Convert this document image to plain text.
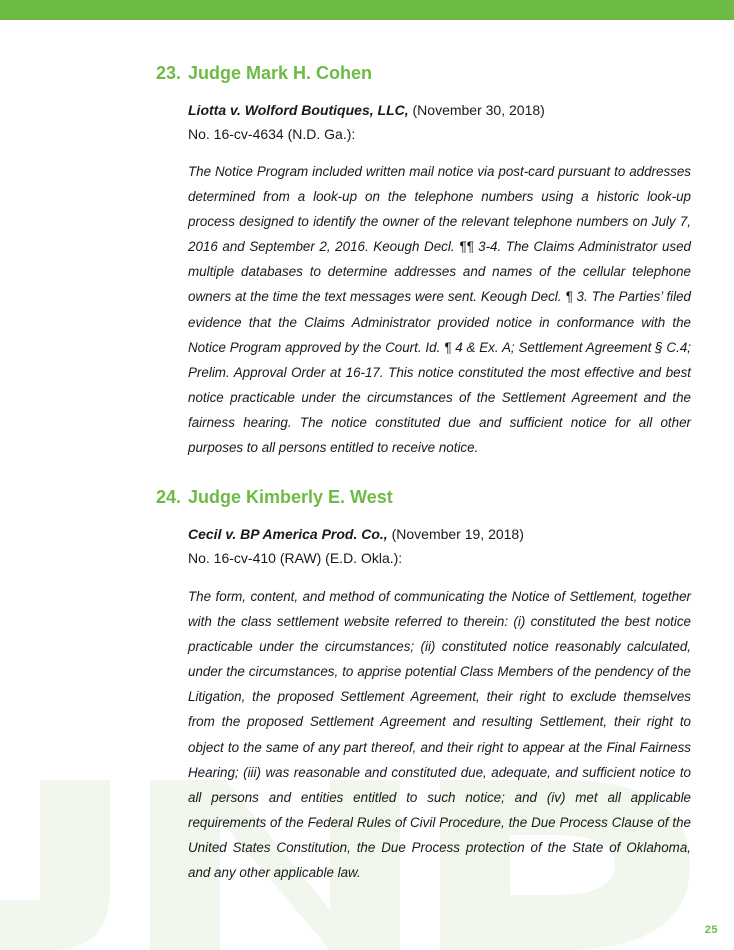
23. Judge Mark H. Cohen
Liotta v. Wolford Boutiques, LLC, (November 30, 2018)
No. 16-cv-4634 (N.D. Ga.):
The Notice Program included written mail notice via post-card pursuant to addresses determined from a look-up on the telephone numbers using a historic look-up process designed to identify the owner of the relevant telephone numbers on July 7, 2016 and September 2, 2016. Keough Decl. ¶¶ 3-4. The Claims Administrator used multiple databases to determine addresses and names of the cellular telephone owners at the time the text messages were sent. Keough Decl. ¶ 3. The Parties’ filed evidence that the Claims Administrator provided notice in conformance with the Notice Program approved by the Court. Id. ¶ 4 & Ex. A; Settlement Agreement § C.4; Prelim. Approval Order at 16-17. This notice constituted the most effective and best notice practicable under the circumstances of the Settlement Agreement and the fairness hearing. The notice constituted due and sufficient notice for all other purposes to all persons entitled to receive notice.
24. Judge Kimberly E. West
Cecil v. BP America Prod. Co., (November 19, 2018)
No. 16-cv-410 (RAW) (E.D. Okla.):
The form, content, and method of communicating the Notice of Settlement, together with the class settlement website referred to therein: (i) constituted the best notice practicable under the circumstances; (ii) constituted notice reasonably calculated, under the circumstances, to apprise potential Class Members of the pendency of the Litigation, the proposed Settlement Agreement, their right to exclude themselves from the proposed Settlement Agreement and resulting Settlement, their right to object to the same of any part thereof, and their right to appear at the Final Fairness Hearing; (iii) was reasonable and constituted due, adequate, and sufficient notice to all persons and entities entitled to such notice; and (iv) met all applicable requirements of the Federal Rules of Civil Procedure, the Due Process Clause of the United States Constitution, the Due Process protection of the State of Oklahoma, and any other applicable law.
25
